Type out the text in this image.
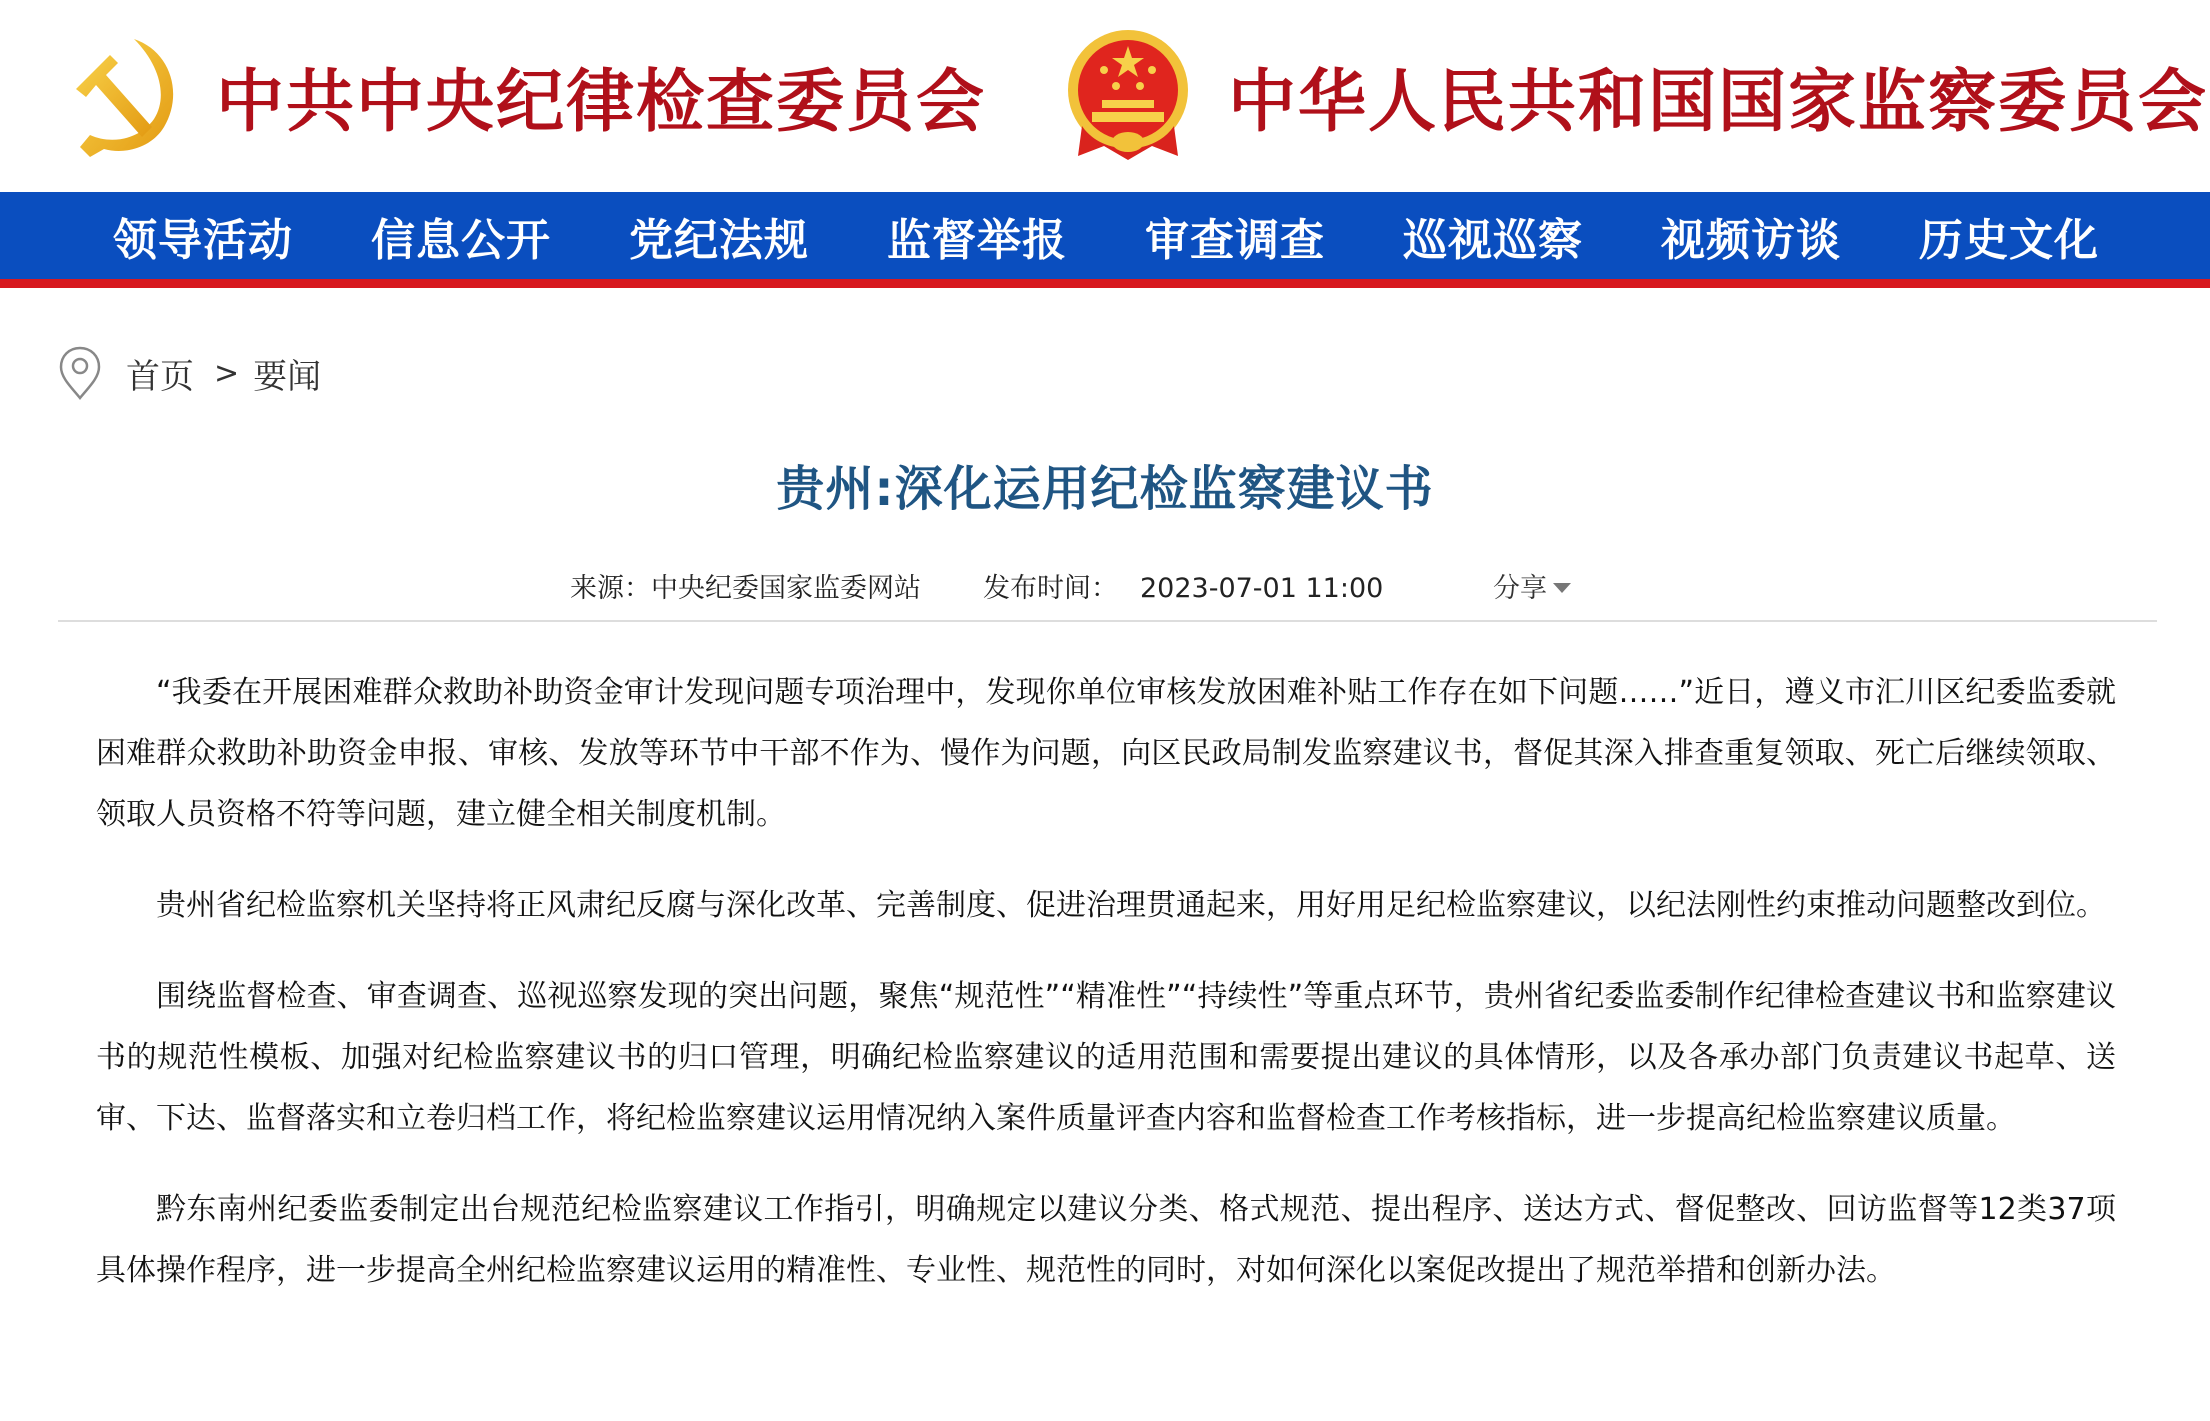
中共中央纪律检查委员会	中华人民共和国国家监察委员会
领导活动	信息公开	党纪法规	监督举报	审查调查	巡视巡察	视频访谈	历史文化
首页 > 要闻
贵州:深化运用纪检监察建议书
来源：中央纪委国家监委网站 发布时间： 2023-07-01 11:00	分享

“我委在开展困难群众救助补助资金审计发现问题专项治理中，发现你单位审核发放困难补贴工作存在如下问题……”近日，遵义市汇川区纪委监委就困难群众救助补助资金申报、审核、发放等环节中干部不作为、慢作为问题，向区民政局制发监察建议书，督促其深入排查重复领取、死亡后继续领取、领取人员资格不符等问题，建立健全相关制度机制。

贵州省纪检监察机关坚持将正风肃纪反腐与深化改革、完善制度、促进治理贯通起来，用好用足纪检监察建议，以纪法刚性约束推动问题整改到位。

围绕监督检查、审查调查、巡视巡察发现的突出问题，聚焦“规范性”“精准性”“持续性”等重点环节，贵州省纪委监委制作纪律检查建议书和监察建议书的规范性模板、加强对纪检监察建议书的归口管理，明确纪检监察建议的适用范围和需要提出建议的具体情形，以及各承办部门负责建议书起草、送审、下达、监督落实和立卷归档工作，将纪检监察建议运用情况纳入案件质量评查内容和监督检查工作考核指标，进一步提高纪检监察建议质量。

黔东南州纪委监委制定出台规范纪检监察建议工作指引，明确规定以建议分类、格式规范、提出程序、送达方式、督促整改、回访监督等12类37项具体操作程序，进一步提高全州纪检监察建议运用的精准性、专业性、规范性的同时，对如何深化以案促改提出了规范举措和创新办法。
